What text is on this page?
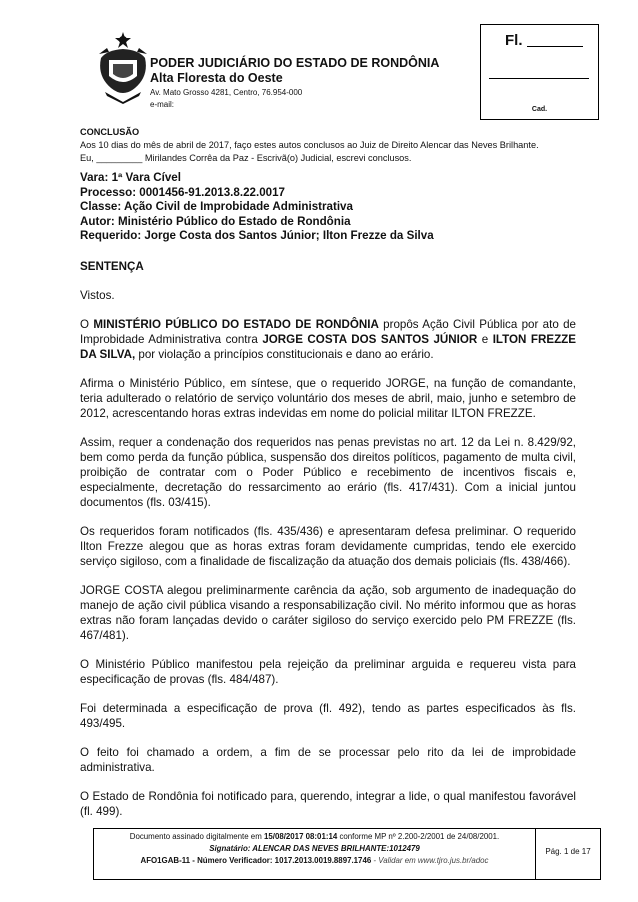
PODER JUDICIÁRIO DO ESTADO DE RONDÔNIA
Alta Floresta do Oeste
Av. Mato Grosso 4281, Centro, 76.954-000
e-mail:
Fl.
Cad.
CONCLUSÃO
Aos 10 dias do mês de abril de 2017, faço estes autos conclusos ao Juiz de Direito Alencar das Neves Brilhante.
Eu, _________ Mirilandes Corrêa da Paz - Escrivã(o) Judicial, escrevi conclusos.
Vara: 1ª Vara Cível
Processo: 0001456-91.2013.8.22.0017
Classe: Ação Civil de Improbidade Administrativa
Autor: Ministério Público do Estado de Rondônia
Requerido: Jorge Costa dos Santos Júnior; Ilton Frezze da Silva

SENTENÇA

Vistos.

O MINISTÉRIO PÚBLICO DO ESTADO DE RONDÔNIA propôs Ação Civil Pública por ato de Improbidade Administrativa contra JORGE COSTA DOS SANTOS JÚNIOR e ILTON FREZZE DA SILVA, por violação a princípios constitucionais e dano ao erário.

Afirma o Ministério Público, em síntese, que o requerido JORGE, na função de comandante, teria adulterado o relatório de serviço voluntário dos meses de abril, maio, junho e setembro de 2012, acrescentando horas extras indevidas em nome do policial militar ILTON FREZZE.

Assim, requer a condenação dos requeridos nas penas previstas no art. 12 da Lei n. 8.429/92, bem como perda da função pública, suspensão dos direitos políticos, pagamento de multa civil, proibição de contratar com o Poder Público e recebimento de incentivos fiscais e, especialmente, decretação do ressarcimento ao erário (fls. 417/431). Com a inicial juntou documentos (fls. 03/415).

Os requeridos foram notificados (fls. 435/436) e apresentaram defesa preliminar. O requerido Ilton Frezze alegou que as horas extras foram devidamente cumpridas, tendo ele exercido serviço sigiloso, com a finalidade de fiscalização da atuação dos demais policiais (fls. 438/466).

JORGE COSTA alegou preliminarmente carência da ação, sob argumento de inadequação do manejo de ação civil pública visando a responsabilização civil. No mérito informou que as horas extras não foram lançadas devido o caráter sigiloso do serviço exercido pelo PM FREZZE (fls. 467/481).

O Ministério Público manifestou pela rejeição da preliminar arguida e requereu vista para especificação de provas (fls. 484/487).

Foi determinada a especificação de prova (fl. 492), tendo as partes especificados às fls. 493/495.

O feito foi chamado a ordem, a fim de se processar pelo rito da lei de improbidade administrativa.

O Estado de Rondônia foi notificado para, querendo, integrar a lide, o qual manifestou favorável (fl. 499).

Documento assinado digitalmente em 15/08/2017 08:01:14 conforme MP nº 2.200-2/2001 de 24/08/2001.
Signatário: ALENCAR DAS NEVES BRILHANTE:1012479
AFO1GAB-11 - Número Verificador: 1017.2013.0019.8897.1746 - Validar em www.tjro.jus.br/adoc
Pág. 1 de 17
